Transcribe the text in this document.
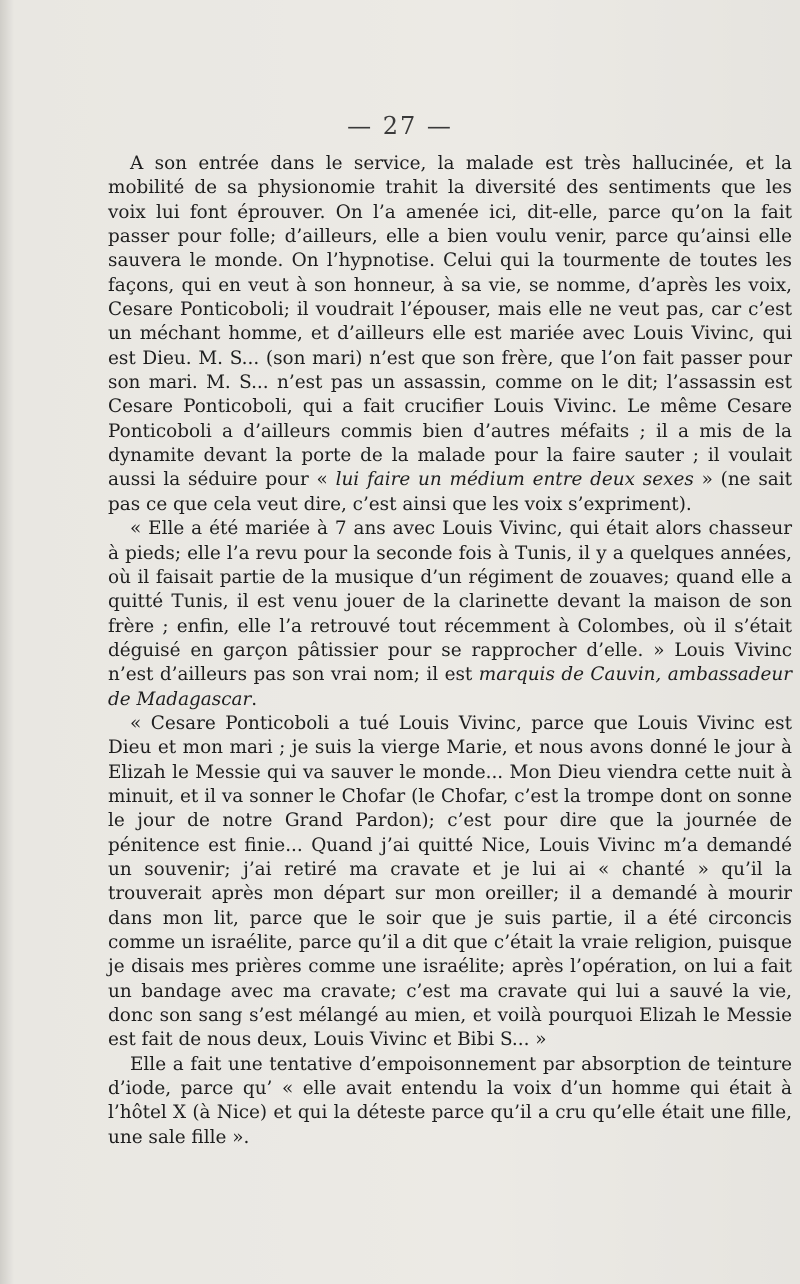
— 27 —

A son entrée dans le service, la malade est très hallucinée, et la mobilité de sa physionomie trahit la diversité des sentiments que les voix lui font éprouver. On l’a amenée ici, dit-elle, parce qu’on la fait passer pour folle; d’ailleurs, elle a bien voulu venir, parce qu’ainsi elle sauvera le monde. On l’hypnotise. Celui qui la tourmente de toutes les façons, qui en veut à son honneur, à sa vie, se nomme, d’après les voix, Cesare Ponticoboli; il voudrait l’épouser, mais elle ne veut pas, car c’est un méchant homme, et d’ailleurs elle est mariée avec Louis Vivinc, qui est Dieu. M. S... (son mari) n’est que son frère, que l’on fait passer pour son mari. M. S... n’est pas un assassin, comme on le dit; l’assassin est Cesare Ponticoboli, qui a fait crucifier Louis Vivinc. Le même Cesare Ponticoboli a d’ailleurs commis bien d’autres méfaits ; il a mis de la dynamite devant la porte de la malade pour la faire sauter ; il voulait aussi la séduire pour « lui faire un médium entre deux sexes » (ne sait pas ce que cela veut dire, c’est ainsi que les voix s’expriment).

« Elle a été mariée à 7 ans avec Louis Vivinc, qui était alors chasseur à pieds; elle l’a revu pour la seconde fois à Tunis, il y a quelques années, où il faisait partie de la musique d’un régiment de zouaves; quand elle a quitté Tunis, il est venu jouer de la clarinette devant la maison de son frère ; enfin, elle l’a retrouvé tout récemment à Colombes, où il s’était déguisé en garçon pâtissier pour se rapprocher d’elle. » Louis Vivinc n’est d’ailleurs pas son vrai nom; il est marquis de Cauvin, ambassadeur de Madagascar.

« Cesare Ponticoboli a tué Louis Vivinc, parce que Louis Vivinc est Dieu et mon mari ; je suis la vierge Marie, et nous avons donné le jour à Elizah le Messie qui va sauver le monde... Mon Dieu viendra cette nuit à minuit, et il va sonner le Chofar (le Chofar, c’est la trompe dont on sonne le jour de notre Grand Pardon); c’est pour dire que la journée de pénitence est finie... Quand j’ai quitté Nice, Louis Vivinc m’a demandé un souvenir; j’ai retiré ma cravate et je lui ai « chanté » qu’il la trouverait après mon départ sur mon oreiller; il a demandé à mourir dans mon lit, parce que le soir que je suis partie, il a été circoncis comme un israélite, parce qu’il a dit que c’était la vraie religion, puisque je disais mes prières comme une israélite; après l’opération, on lui a fait un bandage avec ma cravate; c’est ma cravate qui lui a sauvé la vie, donc son sang s’est mélangé au mien, et voilà pourquoi Elizah le Messie est fait de nous deux, Louis Vivinc et Bibi S... »

Elle a fait une tentative d’empoisonnement par absorption de teinture d’iode, parce qu’ « elle avait entendu la voix d’un homme qui était à l’hôtel X (à Nice) et qui la déteste parce qu’il a cru qu’elle était une fille, une sale fille ».
